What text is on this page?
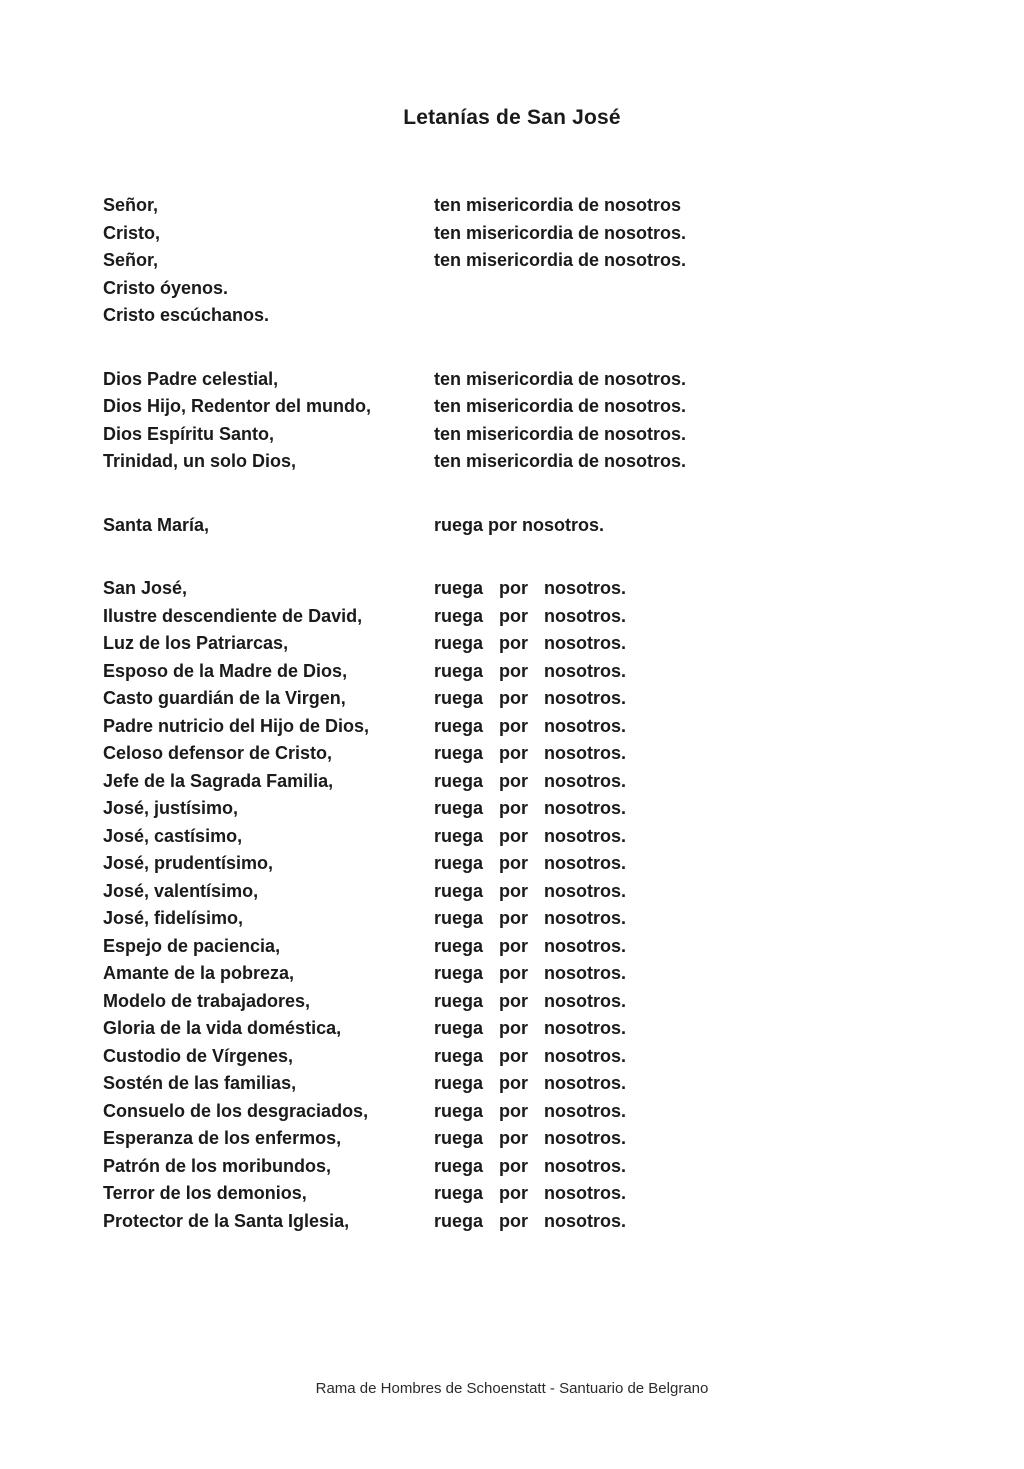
Letanías de San José
Señor,	ten misericordia de nosotros
Cristo,	ten misericordia de nosotros.
Señor,	ten misericordia de nosotros.
Cristo óyenos.
Cristo escúchanos.
Dios Padre celestial,	ten misericordia de nosotros.
Dios Hijo, Redentor del mundo,	ten misericordia de nosotros.
Dios Espíritu Santo,	ten misericordia de nosotros.
Trinidad, un solo Dios,	ten misericordia de nosotros.
Santa María,	ruega por nosotros.
San José,	ruega por nosotros.
Ilustre descendiente de David,	ruega por nosotros.
Luz de los Patriarcas,	ruega por nosotros.
Esposo de la Madre de Dios,	ruega por nosotros.
Casto guardián de la Virgen,	ruega por nosotros.
Padre nutricio del Hijo de Dios,	ruega por nosotros.
Celoso defensor de Cristo,	ruega por nosotros.
Jefe de la Sagrada Familia,	ruega por nosotros.
José, justísimo,	ruega por nosotros.
José, castísimo,	ruega por nosotros.
José, prudentísimo,	ruega por nosotros.
José, valentísimo,	ruega por nosotros.
José, fidelísimo,	ruega por nosotros.
Espejo de paciencia,	ruega por nosotros.
Amante de la pobreza,	ruega por nosotros.
Modelo de trabajadores,	ruega por nosotros.
Gloria de la vida doméstica,	ruega por nosotros.
Custodio de Vírgenes,	ruega por nosotros.
Sostén de las familias,	ruega por nosotros.
Consuelo de los desgraciados,	ruega por nosotros.
Esperanza de los enfermos,	ruega por nosotros.
Patrón de los moribundos,	ruega por nosotros.
Terror de los demonios,	ruega por nosotros.
Protector de la Santa Iglesia,	ruega por nosotros.
Rama de Hombres de Schoenstatt - Santuario de Belgrano
